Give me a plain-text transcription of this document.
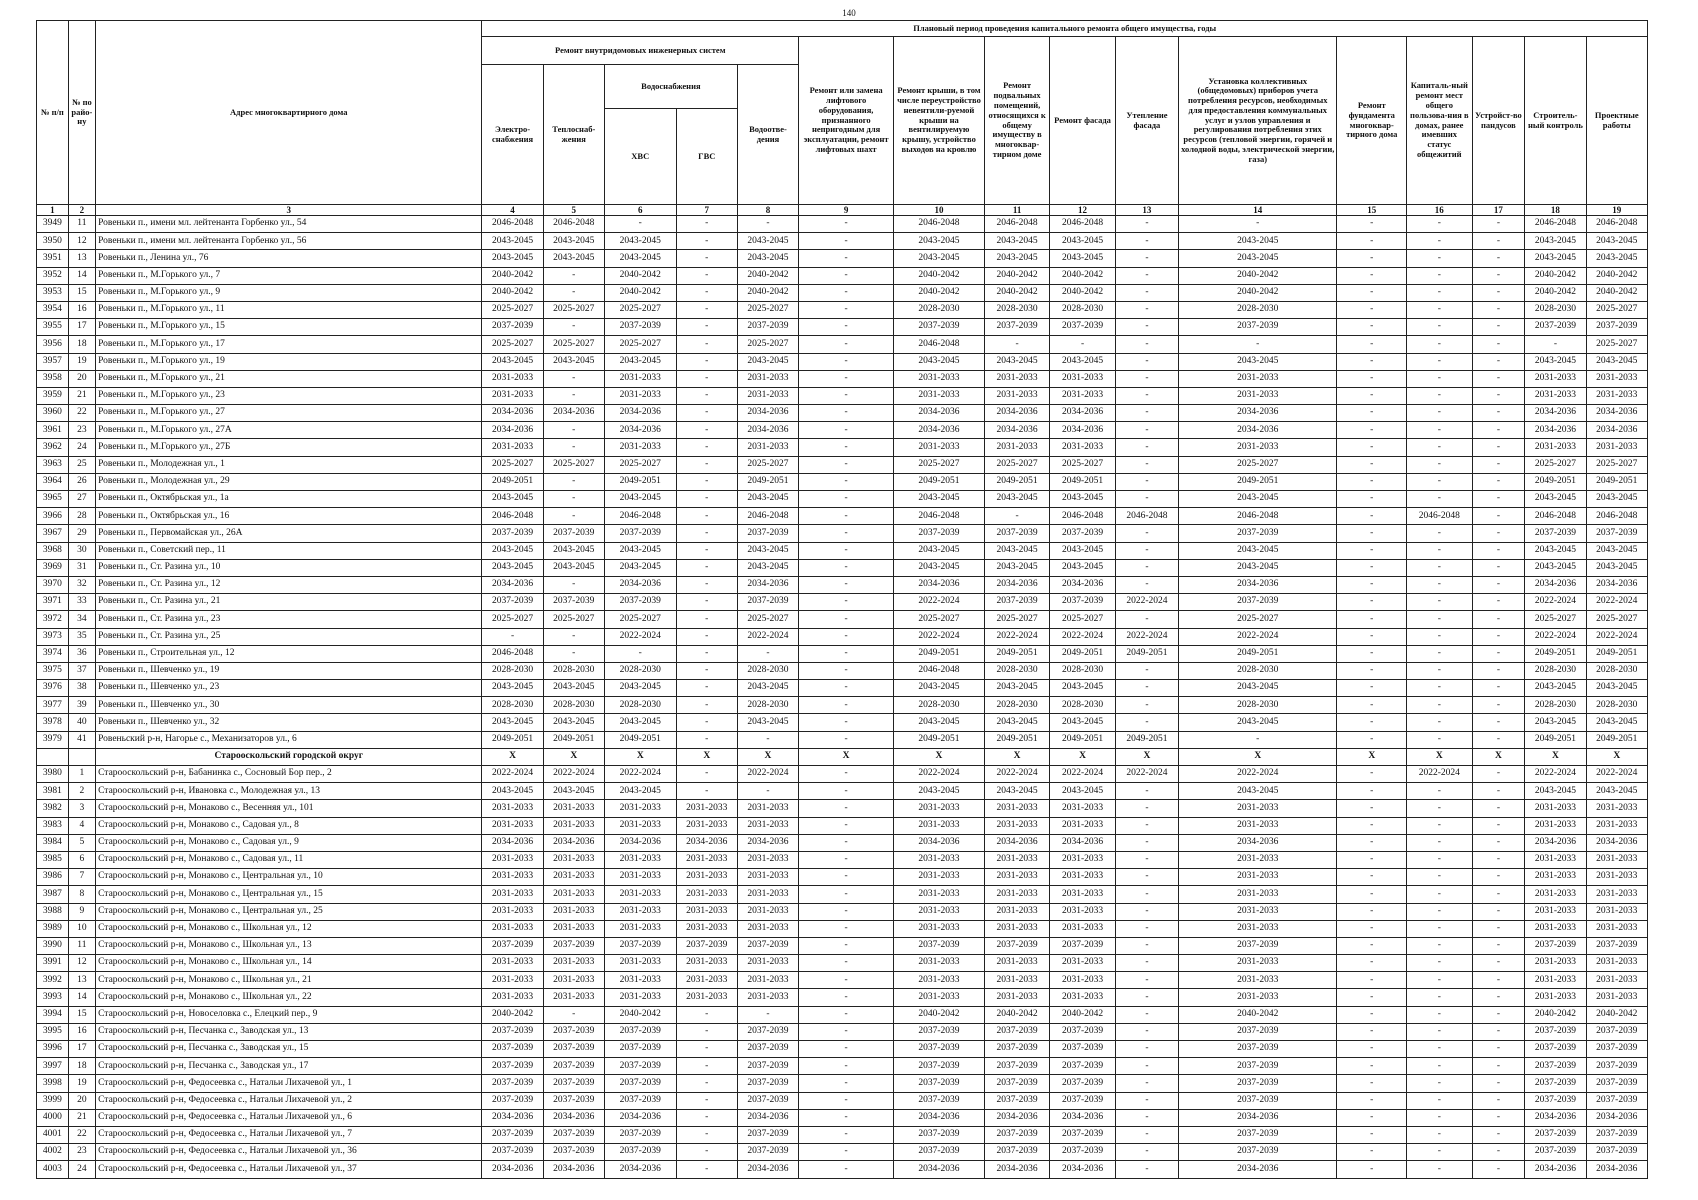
140
№ п/п	№ по райо-ну	Адрес многоквартирного дома	Плановый период проведения капитального ремонта общего имущества, годы															
			Ремонт внутридомовых инженерных систем					Ремонт или замена лифтового оборудования, признанного непригодным для эксплуатации, ремонт лифтовых шахт	Ремонт крыши, в том числе переустройство невентили-руемой крыши на вентилируемую крышу, устройство выходов на кровлю	Ремонт подвальных помещений, относящихся к общему имуществу в многоквар-тирном доме	Ремонт фасада	Утепление фасада	Установка коллективных (общедомовых) приборов учета потребления ресурсов, необходимых для предоставления коммунальных услуг и узлов управления и регулирования потребления этих ресурсов (тепловой энергии, горячей и холодной воды, электрической энергии, газа)	Ремонт фундамента многоквар-тирного дома	Капиталь-ный ремонт мест общего пользова-ния в домах, ранее имевших статус общежитий	Устройст-во пандусов	Строитель-ный контроль	Проектные работы
			Электро-снабжения	Теплоснаб-жения	Водоснабжения		Водоотве-дения											
					ХВС	ГВС												
1	2	3	4	5	6	7	8	9	10	11	12	13	14	15	16	17	18	19
3949	11	Ровеньки п., имени мл. лейтенанта Горбенко ул., 54	2046-2048	2046-2048	-	-	-	-	2046-2048	2046-2048	2046-2048	-	-	-	-	-	2046-2048	2046-2048
3950	12	Ровеньки п., имени мл. лейтенанта Горбенко ул., 56	2043-2045	2043-2045	2043-2045	-	2043-2045	-	2043-2045	2043-2045	2043-2045	-	2043-2045	-	-	-	2043-2045	2043-2045
3951	13	Ровеньки п., Ленина ул., 76	2043-2045	2043-2045	2043-2045	-	2043-2045	-	2043-2045	2043-2045	2043-2045	-	2043-2045	-	-	-	2043-2045	2043-2045
3952	14	Ровеньки п., М.Горького ул., 7	2040-2042	-	2040-2042	-	2040-2042	-	2040-2042	2040-2042	2040-2042	-	2040-2042	-	-	-	2040-2042	2040-2042
3953	15	Ровеньки п., М.Горького ул., 9	2040-2042	-	2040-2042	-	2040-2042	-	2040-2042	2040-2042	2040-2042	-	2040-2042	-	-	-	2040-2042	2040-2042
3954	16	Ровеньки п., М.Горького ул., 11	2025-2027	2025-2027	2025-2027	-	2025-2027	-	2028-2030	2028-2030	2028-2030	-	2028-2030	-	-	-	2028-2030	2025-2027
3955	17	Ровеньки п., М.Горького ул., 15	2037-2039	-	2037-2039	-	2037-2039	-	2037-2039	2037-2039	2037-2039	-	2037-2039	-	-	-	2037-2039	2037-2039
3956	18	Ровеньки п., М.Горького ул., 17	2025-2027	2025-2027	2025-2027	-	2025-2027	-	2046-2048	-	-	-	-	-	-	-	-	2025-2027
3957	19	Ровеньки п., М.Горького ул., 19	2043-2045	2043-2045	2043-2045	-	2043-2045	-	2043-2045	2043-2045	2043-2045	-	2043-2045	-	-	-	2043-2045	2043-2045
3958	20	Ровеньки п., М.Горького ул., 21	2031-2033	-	2031-2033	-	2031-2033	-	2031-2033	2031-2033	2031-2033	-	2031-2033	-	-	-	2031-2033	2031-2033
3959	21	Ровеньки п., М.Горького ул., 23	2031-2033	-	2031-2033	-	2031-2033	-	2031-2033	2031-2033	2031-2033	-	2031-2033	-	-	-	2031-2033	2031-2033
3960	22	Ровеньки п., М.Горького ул., 27	2034-2036	2034-2036	2034-2036	-	2034-2036	-	2034-2036	2034-2036	2034-2036	-	2034-2036	-	-	-	2034-2036	2034-2036
3961	23	Ровеньки п., М.Горького ул., 27А	2034-2036	-	2034-2036	-	2034-2036	-	2034-2036	2034-2036	2034-2036	-	2034-2036	-	-	-	2034-2036	2034-2036
3962	24	Ровеньки п., М.Горького ул., 27Б	2031-2033	-	2031-2033	-	2031-2033	-	2031-2033	2031-2033	2031-2033	-	2031-2033	-	-	-	2031-2033	2031-2033
3963	25	Ровеньки п., Молодежная ул., 1	2025-2027	2025-2027	2025-2027	-	2025-2027	-	2025-2027	2025-2027	2025-2027	-	2025-2027	-	-	-	2025-2027	2025-2027
3964	26	Ровеньки п., Молодежная ул., 29	2049-2051	-	2049-2051	-	2049-2051	-	2049-2051	2049-2051	2049-2051	-	2049-2051	-	-	-	2049-2051	2049-2051
3965	27	Ровеньки п., Октябрьская ул., 1а	2043-2045	-	2043-2045	-	2043-2045	-	2043-2045	2043-2045	2043-2045	-	2043-2045	-	-	-	2043-2045	2043-2045
3966	28	Ровеньки п., Октябрьская ул., 16	2046-2048	-	2046-2048	-	2046-2048	-	2046-2048	-	2046-2048	2046-2048	2046-2048	-	2046-2048	-	2046-2048	2046-2048
3967	29	Ровеньки п., Первомайская ул., 26А	2037-2039	2037-2039	2037-2039	-	2037-2039	-	2037-2039	2037-2039	2037-2039	-	2037-2039	-	-	-	2037-2039	2037-2039
3968	30	Ровеньки п., Советский пер., 11	2043-2045	2043-2045	2043-2045	-	2043-2045	-	2043-2045	2043-2045	2043-2045	-	2043-2045	-	-	-	2043-2045	2043-2045
3969	31	Ровеньки п., Ст. Разина ул., 10	2043-2045	2043-2045	2043-2045	-	2043-2045	-	2043-2045	2043-2045	2043-2045	-	2043-2045	-	-	-	2043-2045	2043-2045
3970	32	Ровеньки п., Ст. Разина ул., 12	2034-2036	-	2034-2036	-	2034-2036	-	2034-2036	2034-2036	2034-2036	-	2034-2036	-	-	-	2034-2036	2034-2036
3971	33	Ровеньки п., Ст. Разина ул., 21	2037-2039	2037-2039	2037-2039	-	2037-2039	-	2022-2024	2037-2039	2037-2039	2022-2024	2037-2039	-	-	-	2022-2024	2022-2024
3972	34	Ровеньки п., Ст. Разина ул., 23	2025-2027	2025-2027	2025-2027	-	2025-2027	-	2025-2027	2025-2027	2025-2027	-	2025-2027	-	-	-	2025-2027	2025-2027
3973	35	Ровеньки п., Ст. Разина ул., 25	-	-	2022-2024	-	2022-2024	-	2022-2024	2022-2024	2022-2024	2022-2024	2022-2024	-	-	-	2022-2024	2022-2024
3974	36	Ровеньки п., Строительная ул., 12	2046-2048	-	-	-	-	-	2049-2051	2049-2051	2049-2051	2049-2051	2049-2051	-	-	-	2049-2051	2049-2051
3975	37	Ровеньки п., Шевченко ул., 19	2028-2030	2028-2030	2028-2030	-	2028-2030	-	2046-2048	2028-2030	2028-2030	-	2028-2030	-	-	-	2028-2030	2028-2030
3976	38	Ровеньки п., Шевченко ул., 23	2043-2045	2043-2045	2043-2045	-	2043-2045	-	2043-2045	2043-2045	2043-2045	-	2043-2045	-	-	-	2043-2045	2043-2045
3977	39	Ровеньки п., Шевченко ул., 30	2028-2030	2028-2030	2028-2030	-	2028-2030	-	2028-2030	2028-2030	2028-2030	-	2028-2030	-	-	-	2028-2030	2028-2030
3978	40	Ровеньки п., Шевченко ул., 32	2043-2045	2043-2045	2043-2045	-	2043-2045	-	2043-2045	2043-2045	2043-2045	-	2043-2045	-	-	-	2043-2045	2043-2045
3979	41	Ровеньский р-н, Нагорье с., Механизаторов ул., 6	2049-2051	2049-2051	2049-2051	-	-	-	2049-2051	2049-2051	2049-2051	2049-2051	-	-	-	-	2049-2051	2049-2051
		Старооскольский городской округ	X	X	X	X	X	X	X	X	X	X	X	X	X	X	X	X
3980	1	Старооскольский р-н, Бабанинка с., Сосновый Бор пер., 2	2022-2024	2022-2024	2022-2024	-	2022-2024	-	2022-2024	2022-2024	2022-2024	2022-2024	2022-2024	-	2022-2024	-	2022-2024	2022-2024
3981	2	Старооскольский р-н, Ивановка с., Молодежная ул., 13	2043-2045	2043-2045	2043-2045	-	-	-	2043-2045	2043-2045	2043-2045	-	2043-2045	-	-	-	2043-2045	2043-2045
3982	3	Старооскольский р-н, Монаково с., Весенняя ул., 101	2031-2033	2031-2033	2031-2033	2031-2033	2031-2033	-	2031-2033	2031-2033	2031-2033	-	2031-2033	-	-	-	2031-2033	2031-2033
3983	4	Старооскольский р-н, Монаково с., Садовая ул., 8	2031-2033	2031-2033	2031-2033	2031-2033	2031-2033	-	2031-2033	2031-2033	2031-2033	-	2031-2033	-	-	-	2031-2033	2031-2033
3984	5	Старооскольский р-н, Монаково с., Садовая ул., 9	2034-2036	2034-2036	2034-2036	2034-2036	2034-2036	-	2034-2036	2034-2036	2034-2036	-	2034-2036	-	-	-	2034-2036	2034-2036
3985	6	Старооскольский р-н, Монаково с., Садовая ул., 11	2031-2033	2031-2033	2031-2033	2031-2033	2031-2033	-	2031-2033	2031-2033	2031-2033	-	2031-2033	-	-	-	2031-2033	2031-2033
3986	7	Старооскольский р-н, Монаково с., Центральная ул., 10	2031-2033	2031-2033	2031-2033	2031-2033	2031-2033	-	2031-2033	2031-2033	2031-2033	-	2031-2033	-	-	-	2031-2033	2031-2033
3987	8	Старооскольский р-н, Монаково с., Центральная ул., 15	2031-2033	2031-2033	2031-2033	2031-2033	2031-2033	-	2031-2033	2031-2033	2031-2033	-	2031-2033	-	-	-	2031-2033	2031-2033
3988	9	Старооскольский р-н, Монаково с., Центральная ул., 25	2031-2033	2031-2033	2031-2033	2031-2033	2031-2033	-	2031-2033	2031-2033	2031-2033	-	2031-2033	-	-	-	2031-2033	2031-2033
3989	10	Старооскольский р-н, Монаково с., Школьная ул., 12	2031-2033	2031-2033	2031-2033	2031-2033	2031-2033	-	2031-2033	2031-2033	2031-2033	-	2031-2033	-	-	-	2031-2033	2031-2033
3990	11	Старооскольский р-н, Монаково с., Школьная ул., 13	2037-2039	2037-2039	2037-2039	2037-2039	2037-2039	-	2037-2039	2037-2039	2037-2039	-	2037-2039	-	-	-	2037-2039	2037-2039
3991	12	Старооскольский р-н, Монаково с., Школьная ул., 14	2031-2033	2031-2033	2031-2033	2031-2033	2031-2033	-	2031-2033	2031-2033	2031-2033	-	2031-2033	-	-	-	2031-2033	2031-2033
3992	13	Старооскольский р-н, Монаково с., Школьная ул., 21	2031-2033	2031-2033	2031-2033	2031-2033	2031-2033	-	2031-2033	2031-2033	2031-2033	-	2031-2033	-	-	-	2031-2033	2031-2033
3993	14	Старооскольский р-н, Монаково с., Школьная ул., 22	2031-2033	2031-2033	2031-2033	2031-2033	2031-2033	-	2031-2033	2031-2033	2031-2033	-	2031-2033	-	-	-	2031-2033	2031-2033
3994	15	Старооскольский р-н, Новоселовка с., Елецкий пер., 9	2040-2042	-	2040-2042	-	-	-	2040-2042	2040-2042	2040-2042	-	2040-2042	-	-	-	2040-2042	2040-2042
3995	16	Старооскольский р-н, Песчанка с., Заводская ул., 13	2037-2039	2037-2039	2037-2039	-	2037-2039	-	2037-2039	2037-2039	2037-2039	-	2037-2039	-	-	-	2037-2039	2037-2039
3996	17	Старооскольский р-н, Песчанка с., Заводская ул., 15	2037-2039	2037-2039	2037-2039	-	2037-2039	-	2037-2039	2037-2039	2037-2039	-	2037-2039	-	-	-	2037-2039	2037-2039
3997	18	Старооскольский р-н, Песчанка с., Заводская ул., 17	2037-2039	2037-2039	2037-2039	-	2037-2039	-	2037-2039	2037-2039	2037-2039	-	2037-2039	-	-	-	2037-2039	2037-2039
3998	19	Старооскольский р-н, Федосеевка с., Натальи Лихачевой ул., 1	2037-2039	2037-2039	2037-2039	-	2037-2039	-	2037-2039	2037-2039	2037-2039	-	2037-2039	-	-	-	2037-2039	2037-2039
3999	20	Старооскольский р-н, Федосеевка с., Натальи Лихачевой ул., 2	2037-2039	2037-2039	2037-2039	-	2037-2039	-	2037-2039	2037-2039	2037-2039	-	2037-2039	-	-	-	2037-2039	2037-2039
4000	21	Старооскольский р-н, Федосеевка с., Натальи Лихачевой ул., 6	2034-2036	2034-2036	2034-2036	-	2034-2036	-	2034-2036	2034-2036	2034-2036	-	2034-2036	-	-	-	2034-2036	2034-2036
4001	22	Старооскольский р-н, Федосеевка с., Натальи Лихачевой ул., 7	2037-2039	2037-2039	2037-2039	-	2037-2039	-	2037-2039	2037-2039	2037-2039	-	2037-2039	-	-	-	2037-2039	2037-2039
4002	23	Старооскольский р-н, Федосеевка с., Натальи Лихачевой ул., 36	2037-2039	2037-2039	2037-2039	-	2037-2039	-	2037-2039	2037-2039	2037-2039	-	2037-2039	-	-	-	2037-2039	2037-2039
4003	24	Старооскольский р-н, Федосеевка с., Натальи Лихачевой ул., 37	2034-2036	2034-2036	2034-2036	-	2034-2036	-	2034-2036	2034-2036	2034-2036	-	2034-2036	-	-	-	2034-2036	2034-2036
